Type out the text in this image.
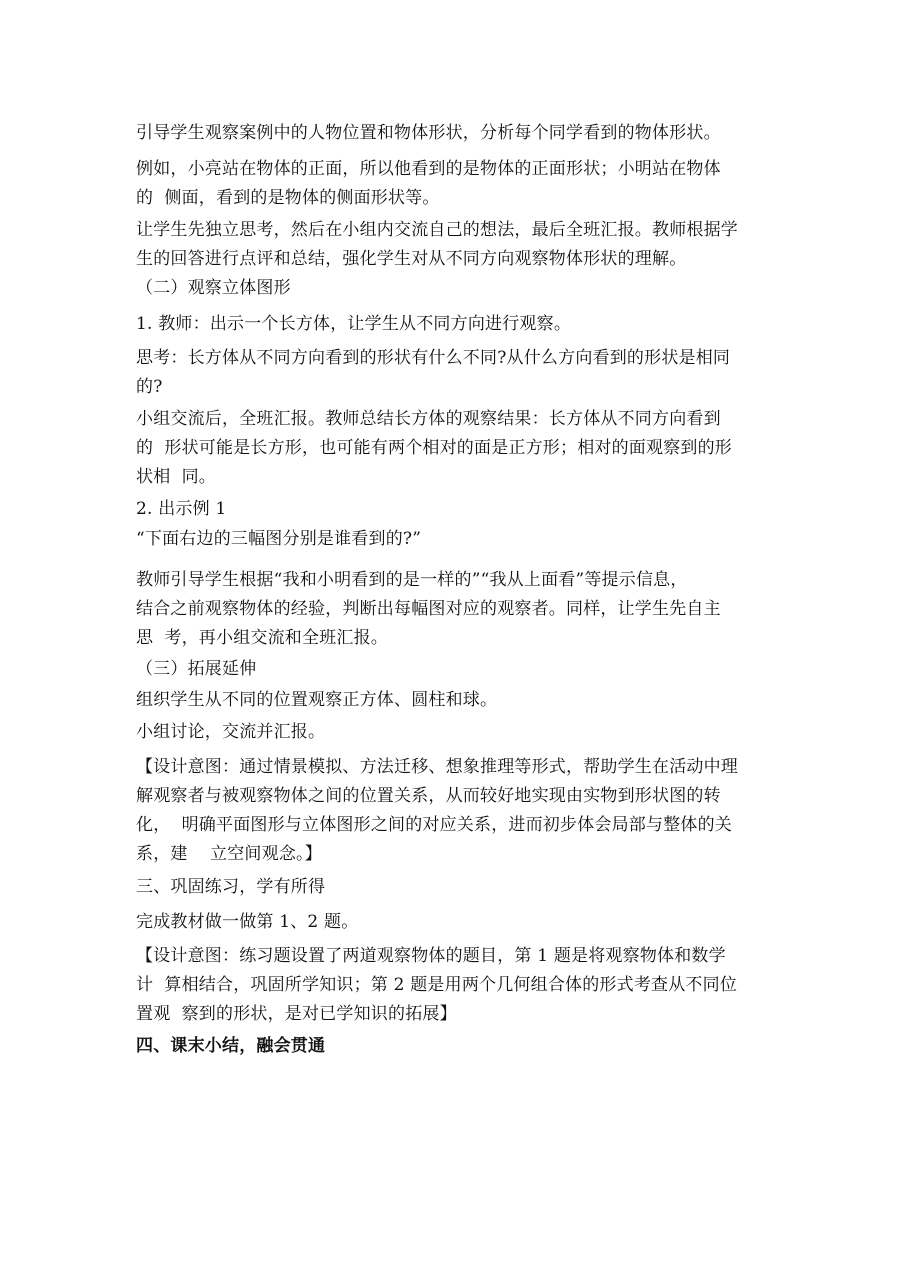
引导学生观察案例中的人物位置和物体形状，分析每个同学看到的物体形状。
例如，小亮站在物体的正面，所以他看到的是物体的正面形状；小明站在物体
的  侧面，看到的是物体的侧面形状等。
让学生先独立思考，然后在小组内交流自己的想法，最后全班汇报。教师根据学
生的回答进行点评和总结，强化学生对从不同方向观察物体形状的理解。
（二）观察立体图形
1. 教师：出示一个长方体，让学生从不同方向进行观察。
思考：长方体从不同方向看到的形状有什么不同?从什么方向看到的形状是相同
的?
小组交流后，全班汇报。教师总结长方体的观察结果：长方体从不同方向看到
的  形状可能是长方形，也可能有两个相对的面是正方形；相对的面观察到的形
状相  同。
2. 出示例 1
“下面右边的三幅图分别是谁看到的?”
教师引导学生根据“我和小明看到的是一样的”“我从上面看”等提示信息，
结合之前观察物体的经验，判断出每幅图对应的观察者。同样，让学生先自主
思  考，再小组交流和全班汇报。
（三）拓展延伸
组织学生从不同的位置观察正方体、圆柱和球。
小组讨论，交流并汇报。
【设计意图：通过情景模拟、方法迁移、想象推理等形式，帮助学生在活动中理
解观察者与被观察物体之间的位置关系，从而较好地实现由实物到形状图的转
化，  明确平面图形与立体图形之间的对应关系，进而初步体会局部与整体的关
系，建    立空间观念。】
三、巩固练习，学有所得
完成教材做一做第 1、2 题。
【设计意图：练习题设置了两道观察物体的题目，第 1 题是将观察物体和数学
计  算相结合，巩固所学知识；第 2 题是用两个几何组合体的形式考查从不同位
置观  察到的形状，是对已学知识的拓展】
四、课末小结，融会贯通
